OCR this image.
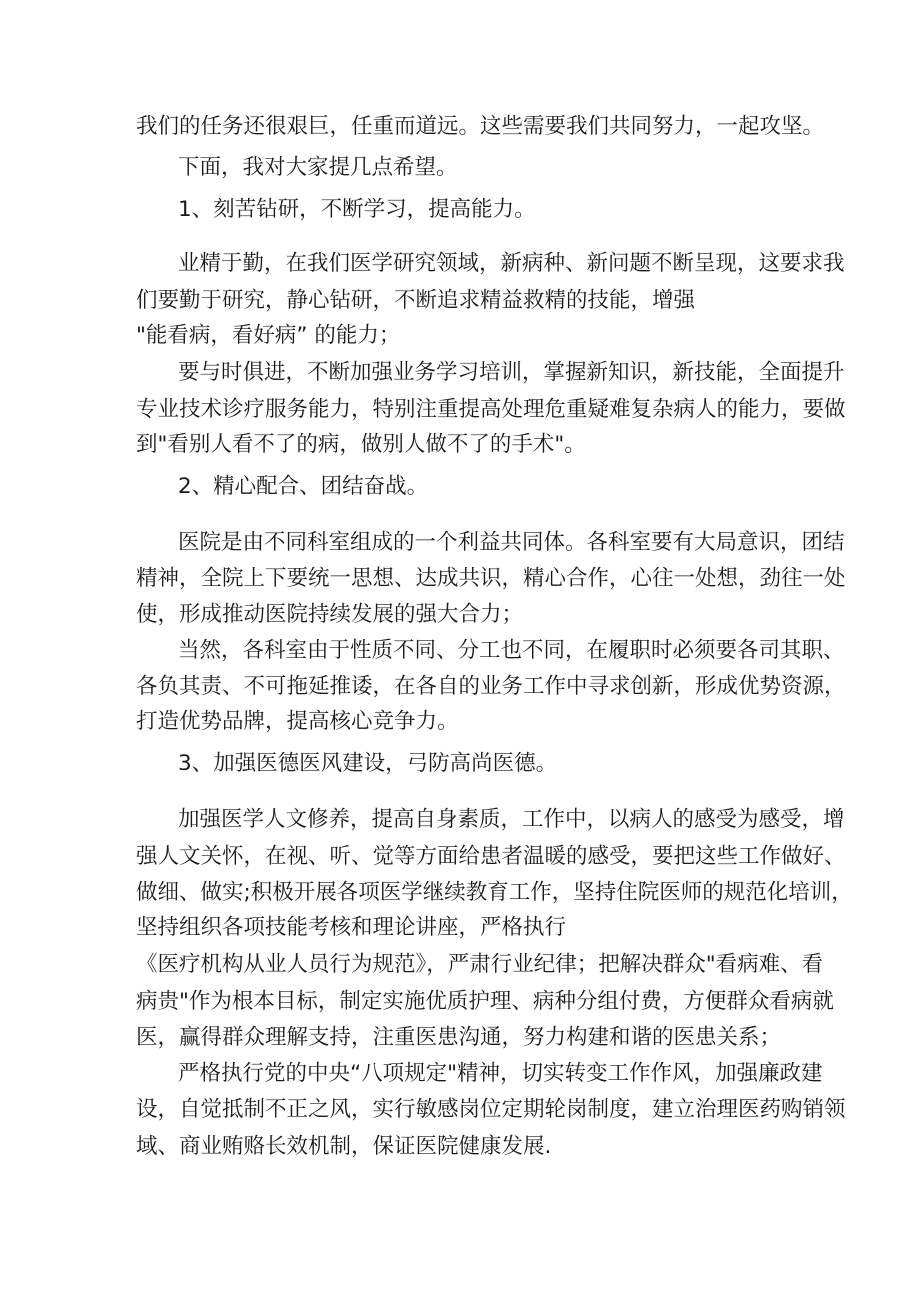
我们的任务还很艰巨，任重而道远。这些需要我们共同努力，一起攻坚。
下面，我对大家提几点希望。
1、刻苦钻研，不断学习，提高能力。
业精于勤，在我们医学研究领域，新病种、新问题不断呈现，这要求我
们要勤于研究，静心钻研，不断追求精益救精的技能，增强
"能看病，看好病” 的能力；
要与时俱进，不断加强业务学习培训，掌握新知识，新技能，全面提升
专业技术诊疗服务能力，特别注重提高处理危重疑难复杂病人的能力，要做
到"看别人看不了的病，做别人做不了的手术"。
2、精心配合、团结奋战。
医院是由不同科室组成的一个利益共同体。各科室要有大局意识，团结
精神，全院上下要统一思想、达成共识，精心合作，心往一处想，劲往一处
使，形成推动医院持续发展的强大合力；
当然，各科室由于性质不同、分工也不同，在履职时必须要各司其职、
各负其责、不可拖延推诿，在各自的业务工作中寻求创新，形成优势资源，
打造优势品牌，提高核心竞争力。
3、加强医德医风建设，弓防高尚医德。
加强医学人文修养，提高自身素质，工作中，以病人的感受为感受，增
强人文关怀，在视、听、觉等方面给患者温暖的感受，要把这些工作做好、
做细、做实;积极开展各项医学继续教育工作，坚持住院医师的规范化培训，
坚持组织各项技能考核和理论讲座，严格执行
《医疗机构从业人员行为规范》，严肃行业纪律；把解决群众"看病难、看
病贵"作为根本目标，制定实施优质护理、病种分组付费，方便群众看病就
医，赢得群众理解支持，注重医患沟通，努力构建和谐的医患关系；
严格执行党的中央“八项规定"精神，切实转变工作作风，加强廉政建
设，自觉抵制不正之风，实行敏感岗位定期轮岗制度，建立治理医药购销领
域、商业贿赂长效机制，保证医院健康发展.
